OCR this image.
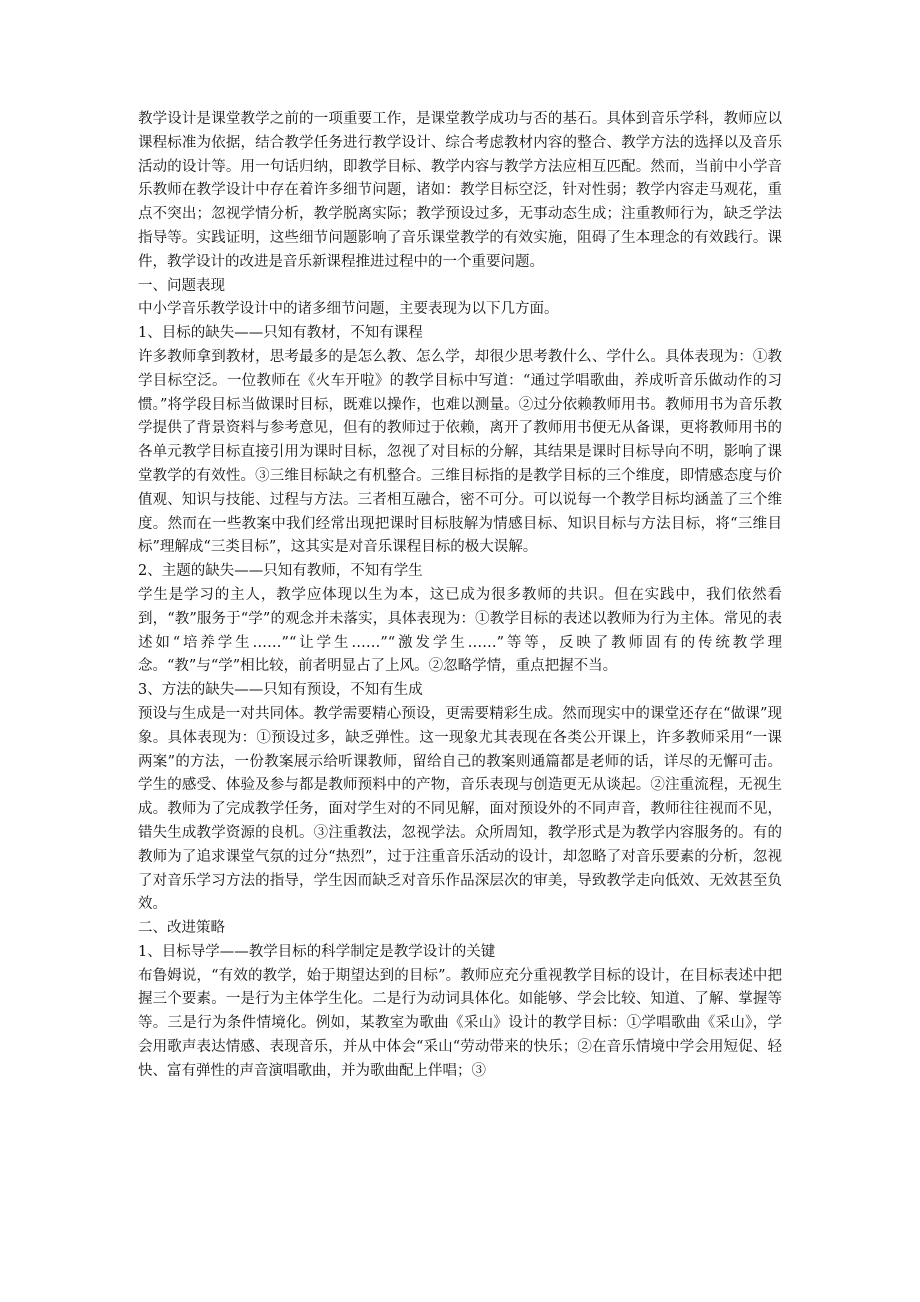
教学设计是课堂教学之前的一项重要工作，是课堂教学成功与否的基石。具体到音乐学科，教师应以课程标准为依据，结合教学任务进行教学设计、综合考虑教材内容的整合、教学方法的选择以及音乐活动的设计等。用一句话归纳，即教学目标、教学内容与教学方法应相互匹配。然而，当前中小学音乐教师在教学设计中存在着许多细节问题，诸如：教学目标空泛，针对性弱；教学内容走马观花，重点不突出；忽视学情分析，教学脱离实际；教学预设过多，无事动态生成；注重教师行为，缺乏学法指导等。实践证明，这些细节问题影响了音乐课堂教学的有效实施，阻碍了生本理念的有效践行。课件，教学设计的改进是音乐新课程推进过程中的一个重要问题。

一、问题表现

中小学音乐教学设计中的诸多细节问题，主要表现为以下几方面。

1、目标的缺失——只知有教材，不知有课程

许多教师拿到教材，思考最多的是怎么教、怎么学，却很少思考教什么、学什么。具体表现为：①教学目标空泛。一位教师在《火车开啦》的教学目标中写道：“通过学唱歌曲，养成听音乐做动作的习惯。”将学段目标当做课时目标，既难以操作，也难以测量。②过分依赖教师用书。教师用书为音乐教学提供了背景资料与参考意见，但有的教师过于依赖，离开了教师用书便无从备课，更将教师用书的各单元教学目标直接引用为课时目标，忽视了对目标的分解，其结果是课时目标导向不明，影响了课堂教学的有效性。③三维目标缺之有机整合。三维目标指的是教学目标的三个维度，即情感态度与价值观、知识与技能、过程与方法。三者相互融合，密不可分。可以说每一个教学目标均涵盖了三个维度。然而在一些教案中我们经常出现把课时目标肢解为情感目标、知识目标与方法目标，将“三维目标”理解成“三类目标”，这其实是对音乐课程目标的极大误解。

2、主题的缺失——只知有教师，不知有学生

学生是学习的主人，教学应体现以生为本，这已成为很多教师的共识。但在实践中，我们依然看到，“教”服务于“学”的观念并未落实，具体表现为：①教学目标的表述以教师为行为主体。常见的表述如“培养学生……”“让学生……”“激发学生……”等等，反映了教师固有的传统教学理念。“教”与“学”相比较，前者明显占了上风。②忽略学情，重点把握不当。

3、方法的缺失——只知有预设，不知有生成

预设与生成是一对共同体。教学需要精心预设，更需要精彩生成。然而现实中的课堂还存在“做课”现象。具体表现为：①预设过多，缺乏弹性。这一现象尤其表现在各类公开课上，许多教师采用“一课两案”的方法，一份教案展示给听课教师，留给自己的教案则通篇都是老师的话，详尽的无懈可击。学生的感受、体验及参与都是教师预料中的产物，音乐表现与创造更无从谈起。②注重流程，无视生成。教师为了完成教学任务，面对学生对的不同见解，面对预设外的不同声音，教师往往视而不见，错失生成教学资源的良机。③注重教法，忽视学法。众所周知，教学形式是为教学内容服务的。有的教师为了追求课堂气氛的过分“热烈”，过于注重音乐活动的设计，却忽略了对音乐要素的分析，忽视了对音乐学习方法的指导，学生因而缺乏对音乐作品深层次的审美，导致教学走向低效、无效甚至负效。

二、改进策略

1、目标导学——教学目标的科学制定是教学设计的关键

布鲁姆说，“有效的教学，始于期望达到的目标”。教师应充分重视教学目标的设计，在目标表述中把握三个要素。一是行为主体学生化。二是行为动词具体化。如能够、学会比较、知道、了解、掌握等等。三是行为条件情境化。例如，某教室为歌曲《采山》设计的教学目标：①学唱歌曲《采山》，学会用歌声表达情感、表现音乐，并从中体会“采山“劳动带来的快乐；②在音乐情境中学会用短促、轻快、富有弹性的声音演唱歌曲，并为歌曲配上伴唱；③
